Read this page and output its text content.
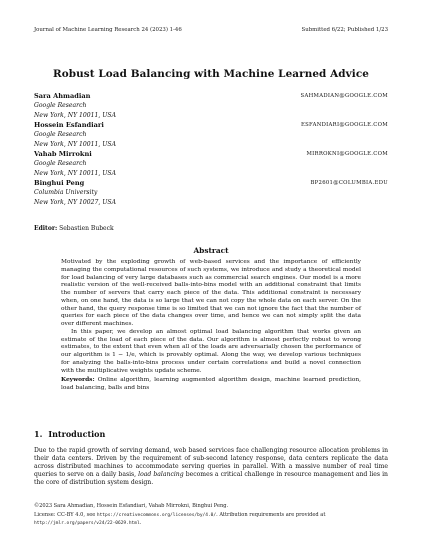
Journal of Machine Learning Research 24 (2023) 1-46	Submitted 6/22; Published 1/23
Robust Load Balancing with Machine Learned Advice
Sara Ahmadian
Google Research
New York, NY 10011, USA
SAHMADIAN@GOOGLE.COM
Hossein Esfandiari
Google Research
New York, NY 10011, USA
ESFANDIARI@GOOGLE.COM
Vahab Mirrokni
Google Research
New York, NY 10011, USA
MIRROKNI@GOOGLE.COM
Binghui Peng
Columbia University
New York, NY 10027, USA
BP2601@COLUMBIA.EDU
Editor: Sebastien Bubeck
Abstract

Motivated by the exploding growth of web-based services and the importance of efficiently managing the computational resources of such systems, we introduce and study a theoretical model for load balancing of very large databases such as commercial search engines. Our model is a more realistic version of the well-received balls-into-bins model with an additional constraint that limits the number of servers that carry each piece of the data. This additional constraint is necessary when, on one hand, the data is so large that we can not copy the whole data on each server. On the other hand, the query response time is so limited that we can not ignore the fact that the number of queries for each piece of the data changes over time, and hence we can not simply split the data over different machines.

In this paper, we develop an almost optimal load balancing algorithm that works given an estimate of the load of each piece of the data. Our algorithm is almost perfectly robust to wrong estimates, to the extent that even when all of the loads are adversarially chosen the performance of our algorithm is 1 − 1/e, which is provably optimal. Along the way, we develop various techniques for analyzing the balls-into-bins process under certain correlations and build a novel connection with the multiplicative weights update scheme.

Keywords: Online algorithm, learning augmented algorithm design, machine learned prediction, load balancing, balls and bins

1. Introduction

Due to the rapid growth of serving demand, web based services face challenging resource allocation problems in their data centers. Driven by the requirement of sub-second latency response, data centers replicate the data across distributed machines to accommodate serving queries in parallel. With a massive number of real time queries to serve on a daily basis, load balancing becomes a critical challenge in resource management and lies in the core of distribution system design.

©2023 Sara Ahmadian, Hossein Esfandiari, Vahab Mirrokni, Binghui Peng.
License: CC-BY 4.0, see https://creativecommons.org/licenses/by/4.0/. Attribution requirements are provided at http://jmlr.org/papers/v24/22-0629.html.
